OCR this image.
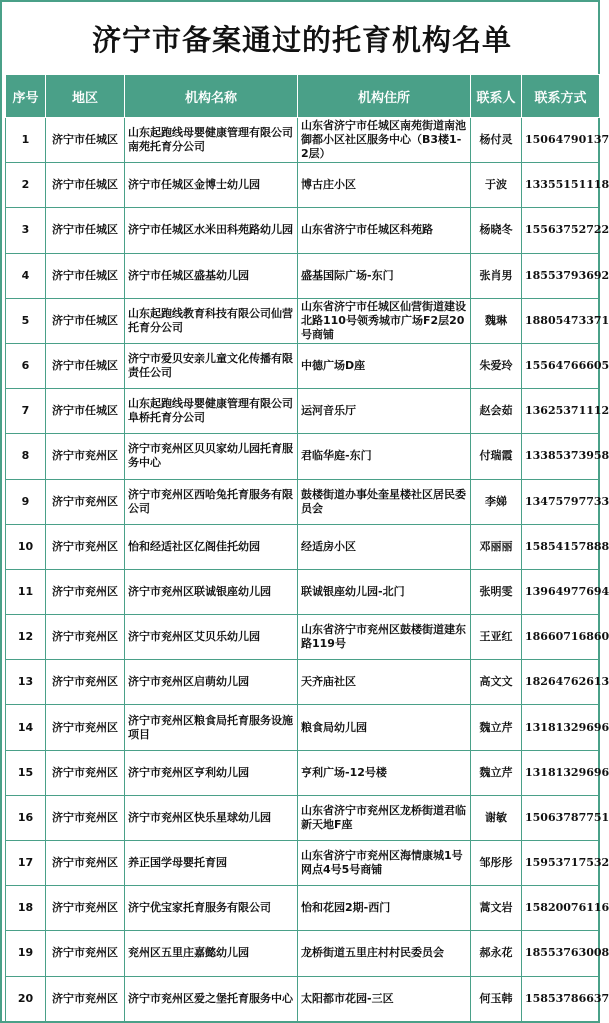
济宁市备案通过的托育机构名单
序号	地区	机构名称	机构住所	联系人	联系方式
1	济宁市任城区	山东起跑线母婴健康管理有限公司南苑托育分公司	山东省济宁市任城区南苑街道南池御都小区社区服务中心（B3楼1-2层）	杨付灵	15064790137
2	济宁市任城区	济宁市任城区金博士幼儿园	博古庄小区	于波	13355151118
3	济宁市任城区	济宁市任城区水米田科苑路幼儿园	山东省济宁市任城区科苑路	杨晓冬	15563752722
4	济宁市任城区	济宁市任城区盛基幼儿园	盛基国际广场-东门	张肖男	18553793692
5	济宁市任城区	山东起跑线教育科技有限公司仙营托育分公司	山东省济宁市任城区仙营街道建设北路110号领秀城市广场F2层20号商铺	魏琳	18805473371
6	济宁市任城区	济宁市爱贝安亲儿童文化传播有限责任公司	中德广场D座	朱爱玲	15564766605
7	济宁市任城区	山东起跑线母婴健康管理有限公司阜桥托育分公司	运河音乐厅	赵会茹	13625371112
8	济宁市兖州区	济宁市兖州区贝贝家幼儿园托育服务中心	君临华庭-东门	付瑞霞	13385373958
9	济宁市兖州区	济宁市兖州区西哈兔托育服务有限公司	鼓楼街道办事处奎星楼社区居民委员会	李娣	13475797733
10	济宁市兖州区	怡和经适社区亿阁佳托幼园	经适房小区	邓丽丽	15854157888
11	济宁市兖州区	济宁市兖州区联诚银座幼儿园	联诚银座幼儿园-北门	张明雯	13964977694
12	济宁市兖州区	济宁市兖州区艾贝乐幼儿园	山东省济宁市兖州区鼓楼街道建东路119号	王亚红	18660716860
13	济宁市兖州区	济宁市兖州区启萌幼儿园	天齐庙社区	高文文	18264762613
14	济宁市兖州区	济宁市兖州区粮食局托育服务设施项目	粮食局幼儿园	魏立芹	13181329696
15	济宁市兖州区	济宁市兖州区亨利幼儿园	亨利广场-12号楼	魏立芹	13181329696
16	济宁市兖州区	济宁市兖州区快乐星球幼儿园	山东省济宁市兖州区龙桥街道君临新天地F座	谢敏	15063787751
17	济宁市兖州区	养正国学母婴托育园	山东省济宁市兖州区海情康城1号网点4号5号商铺	邹彤彤	15953717532
18	济宁市兖州区	济宁优宝家托育服务有限公司	怡和花园2期-西门	蒿文岩	15820076116
19	济宁市兖州区	兖州区五里庄嘉懿幼儿园	龙桥街道五里庄村村民委员会	郝永花	18553763008
20	济宁市兖州区	济宁市兖州区爱之堡托育服务中心	太阳都市花园-三区	何玉韩	15853786637
